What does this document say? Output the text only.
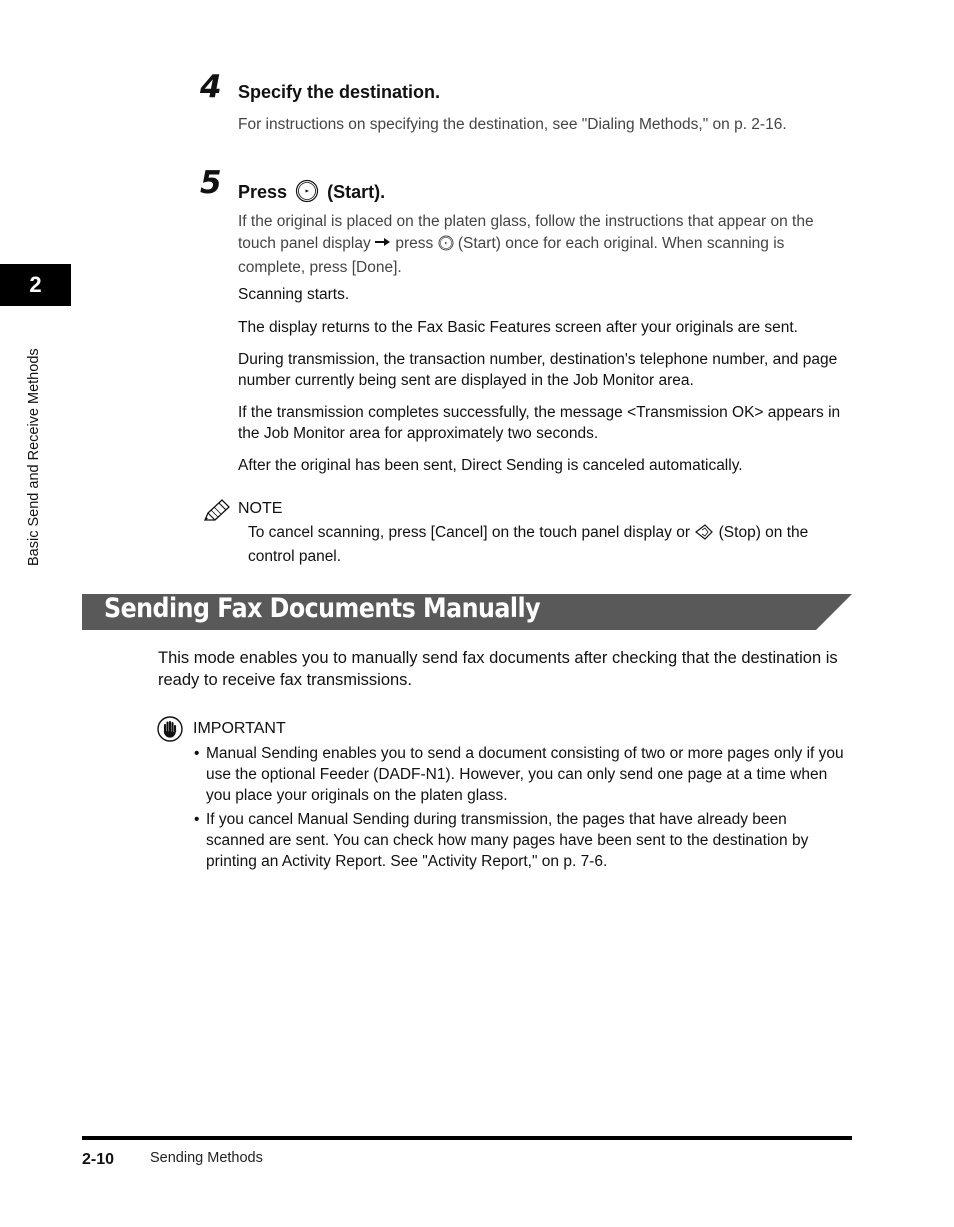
4 Specify the destination.
For instructions on specifying the destination, see "Dialing Methods," on p. 2-16.
5 Press (Start).
If the original is placed on the platen glass, follow the instructions that appear on the touch panel display press (Start) once for each original. When scanning is complete, press [Done].
Scanning starts.
The display returns to the Fax Basic Features screen after your originals are sent.
During transmission, the transaction number, destination's telephone number, and page number currently being sent are displayed in the Job Monitor area.
If the transmission completes successfully, the message <Transmission OK> appears in the Job Monitor area for approximately two seconds.
After the original has been sent, Direct Sending is canceled automatically.
NOTE
To cancel scanning, press [Cancel] on the touch panel display or (Stop) on the control panel.
Sending Fax Documents Manually
This mode enables you to manually send fax documents after checking that the destination is ready to receive fax transmissions.
IMPORTANT
• Manual Sending enables you to send a document consisting of two or more pages only if you use the optional Feeder (DADF-N1). However, you can only send one page at a time when you place your originals on the platen glass.
• If you cancel Manual Sending during transmission, the pages that have already been scanned are sent. You can check how many pages have been sent to the destination by printing an Activity Report. See "Activity Report," on p. 7-6.
2
Basic Send and Receive Methods
2-10 Sending Methods
